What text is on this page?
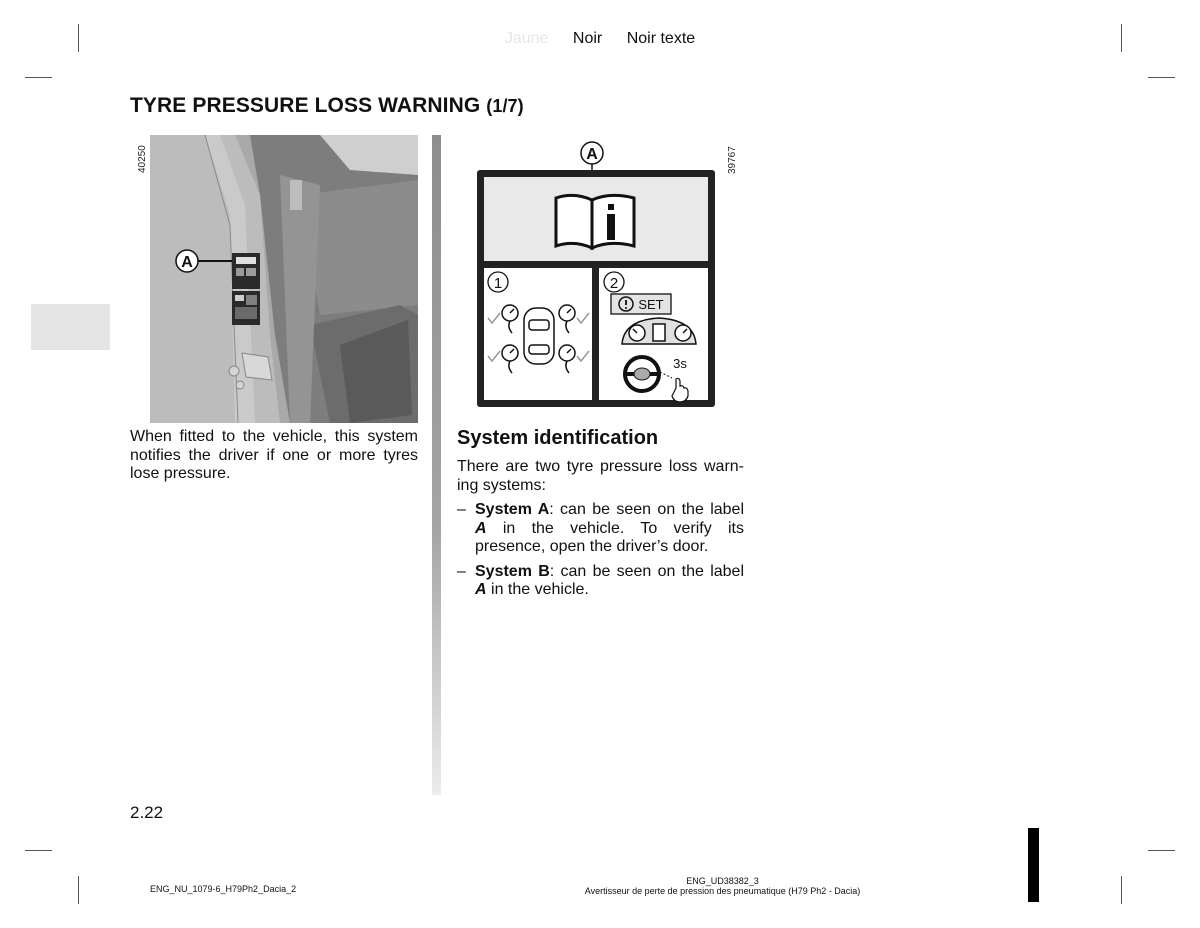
Jaune Noir Noir texte
TYRE PRESSURE LOSS WARNING (1/7)
40250
A
When fitted to the vehicle, this system notifies the driver if one or more tyres lose pressure.
39767
A
1	2
SET
3s
System identification
There are two tyre pressure loss warn-ing systems:
– System A: can be seen on the label A in the vehicle. To verify its presence, open the driver’s door.
– System B: can be seen on the label A in the vehicle.
2.22
ENG_NU_1079-6_H79Ph2_Dacia_2
ENG_UD38382_3
Avertisseur de perte de pression des pneumatique (H79 Ph2 - Dacia)
